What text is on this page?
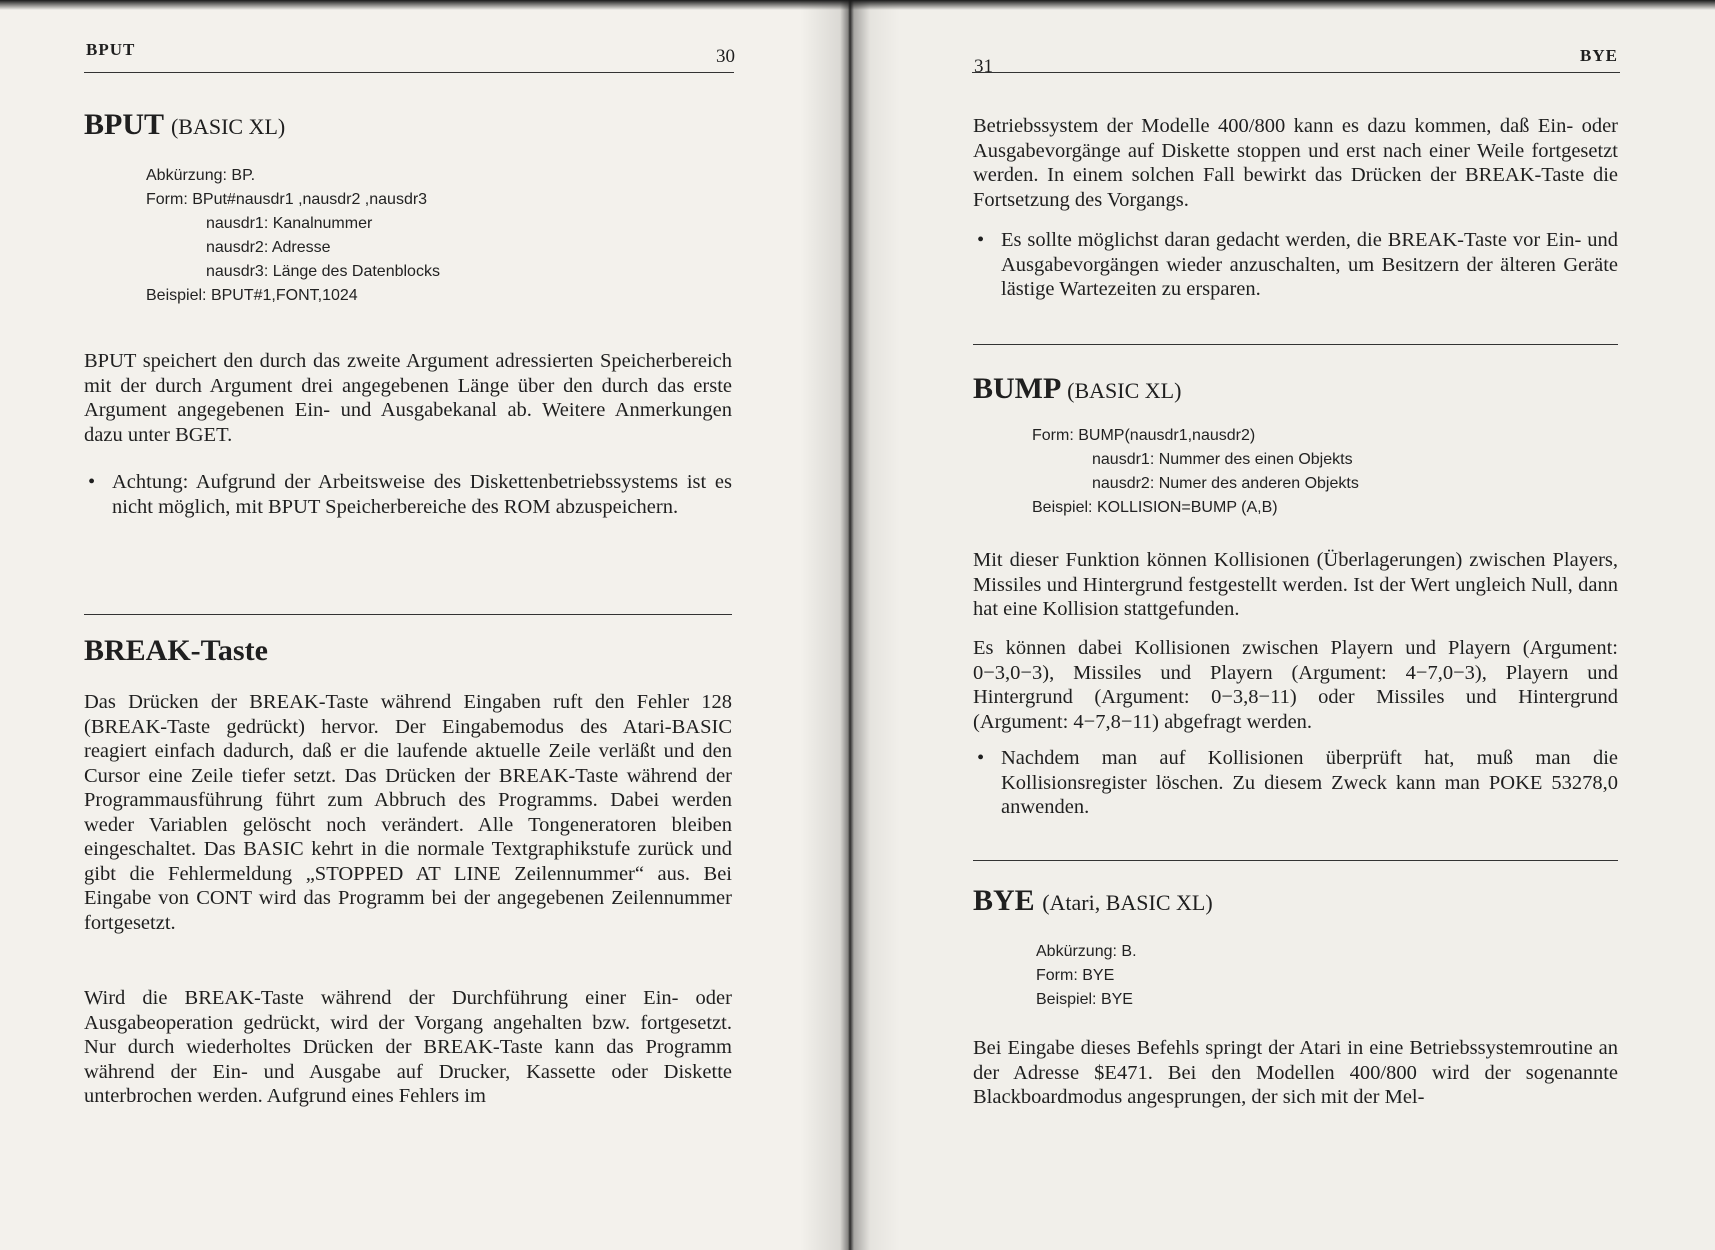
BPUT	30
BPUT (BASIC XL)
Abkürzung: BP.
Form: BPut#nausdr1 ,nausdr2 ,nausdr3
nausdr1: Kanalnummer
nausdr2: Adresse
nausdr3: Länge des Datenblocks
Beispiel: BPUT#1,FONT,1024

BPUT speichert den durch das zweite Argument adressierten Speicherbereich mit der durch Argument drei angegebenen Länge über den durch das erste Argument angegebenen Ein- und Ausgabekanal ab. Weitere Anmerkungen dazu unter BGET.

• Achtung: Aufgrund der Arbeitsweise des Diskettenbetriebssystems ist es nicht möglich, mit BPUT Speicherbereiche des ROM abzuspeichern.

BREAK-Taste

Das Drücken der BREAK-Taste während Eingaben ruft den Fehler 128 (BREAK-Taste gedrückt) hervor. Der Eingabemodus des Atari-BASIC reagiert einfach dadurch, daß er die laufende aktuelle Zeile verläßt und den Cursor eine Zeile tiefer setzt. Das Drücken der BREAK-Taste während der Programmausführung führt zum Abbruch des Programms. Dabei werden weder Variablen gelöscht noch verändert. Alle Tongeneratoren bleiben eingeschaltet. Das BASIC kehrt in die normale Textgraphikstufe zurück und gibt die Fehlermeldung „STOPPED AT LINE Zeilennummer“ aus. Bei Eingabe von CONT wird das Programm bei der angegebenen Zeilennummer fortgesetzt.

Wird die BREAK-Taste während der Durchführung einer Ein- oder Ausgabeoperation gedrückt, wird der Vorgang angehalten bzw. fortgesetzt. Nur durch wiederholtes Drücken der BREAK-Taste kann das Programm während der Ein- und Ausgabe auf Drucker, Kassette oder Diskette unterbrochen werden. Aufgrund eines Fehlers im

31
BYE

Betriebssystem der Modelle 400/800 kann es dazu kommen, daß Ein- oder Ausgabevorgänge auf Diskette stoppen und erst nach einer Weile fortgesetzt werden. In einem solchen Fall bewirkt das Drücken der BREAK-Taste die Fortsetzung des Vorgangs.

• Es sollte möglichst daran gedacht werden, die BREAK-Taste vor Ein- und Ausgabevorgängen wieder anzuschalten, um Besitzern der älteren Geräte lästige Wartezeiten zu ersparen.

BUMP (BASIC XL)
Form: BUMP(nausdr1,nausdr2)
nausdr1: Nummer des einen Objekts
nausdr2: Numer des anderen Objekts
Beispiel: KOLLISION=BUMP (A,B)

Mit dieser Funktion können Kollisionen (Überlagerungen) zwischen Players, Missiles und Hintergrund festgestellt werden. Ist der Wert ungleich Null, dann hat eine Kollision stattgefunden.

Es können dabei Kollisionen zwischen Playern und Playern (Argument: 0−3,0−3), Missiles und Playern (Argument: 4−7,0−3), Playern und Hintergrund (Argument: 0−3,8−11) oder Missiles und Hintergrund (Argument: 4−7,8−11) abgefragt werden.

• Nachdem man auf Kollisionen überprüft hat, muß man die Kollisionsregister löschen. Zu diesem Zweck kann man POKE 53278,0 anwenden.

BYE (Atari, BASIC XL)
Abkürzung: B.
Form: BYE
Beispiel: BYE

Bei Eingabe dieses Befehls springt der Atari in eine Betriebssystemroutine an der Adresse $E471. Bei den Modellen 400/800 wird der sogenannte Blackboardmodus angesprungen, der sich mit der Mel-
